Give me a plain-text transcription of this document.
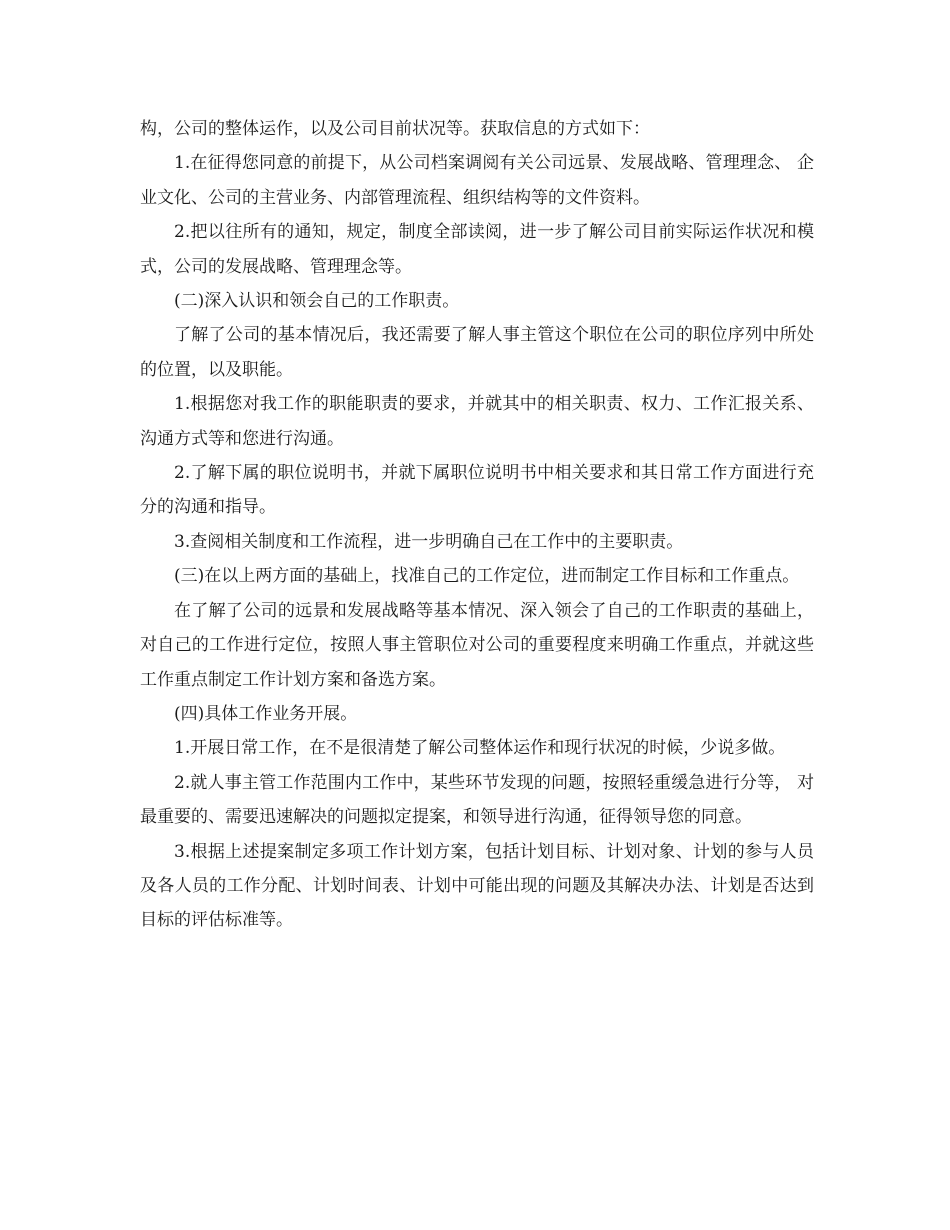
构，公司的整体运作，以及公司目前状况等。获取信息的方式如下：

1.在征得您同意的前提下，从公司档案调阅有关公司远景、发展战略、管理理念、 企业文化、公司的主营业务、内部管理流程、组织结构等的文件资料。

2.把以往所有的通知，规定，制度全部读阅，进一步了解公司目前实际运作状况和模式，公司的发展战略、管理理念等。

(二)深入认识和领会自己的工作职责。

了解了公司的基本情况后，我还需要了解人事主管这个职位在公司的职位序列中所处的位置，以及职能。

1.根据您对我工作的职能职责的要求，并就其中的相关职责、权力、工作汇报关系、沟通方式等和您进行沟通。

2.了解下属的职位说明书，并就下属职位说明书中相关要求和其日常工作方面进行充分的沟通和指导。

3.查阅相关制度和工作流程，进一步明确自己在工作中的主要职责。

(三)在以上两方面的基础上，找准自己的工作定位，进而制定工作目标和工作重点。

在了解了公司的远景和发展战略等基本情况、深入领会了自己的工作职责的基础上，对自己的工作进行定位，按照人事主管职位对公司的重要程度来明确工作重点，并就这些工作重点制定工作计划方案和备选方案。

(四)具体工作业务开展。

1.开展日常工作，在不是很清楚了解公司整体运作和现行状况的时候，少说多做。

2.就人事主管工作范围内工作中，某些环节发现的问题，按照轻重缓急进行分等， 对最重要的、需要迅速解决的问题拟定提案，和领导进行沟通，征得领导您的同意。

3.根据上述提案制定多项工作计划方案，包括计划目标、计划对象、计划的参与人员及各人员的工作分配、计划时间表、计划中可能出现的问题及其解决办法、计划是否达到目标的评估标准等。
